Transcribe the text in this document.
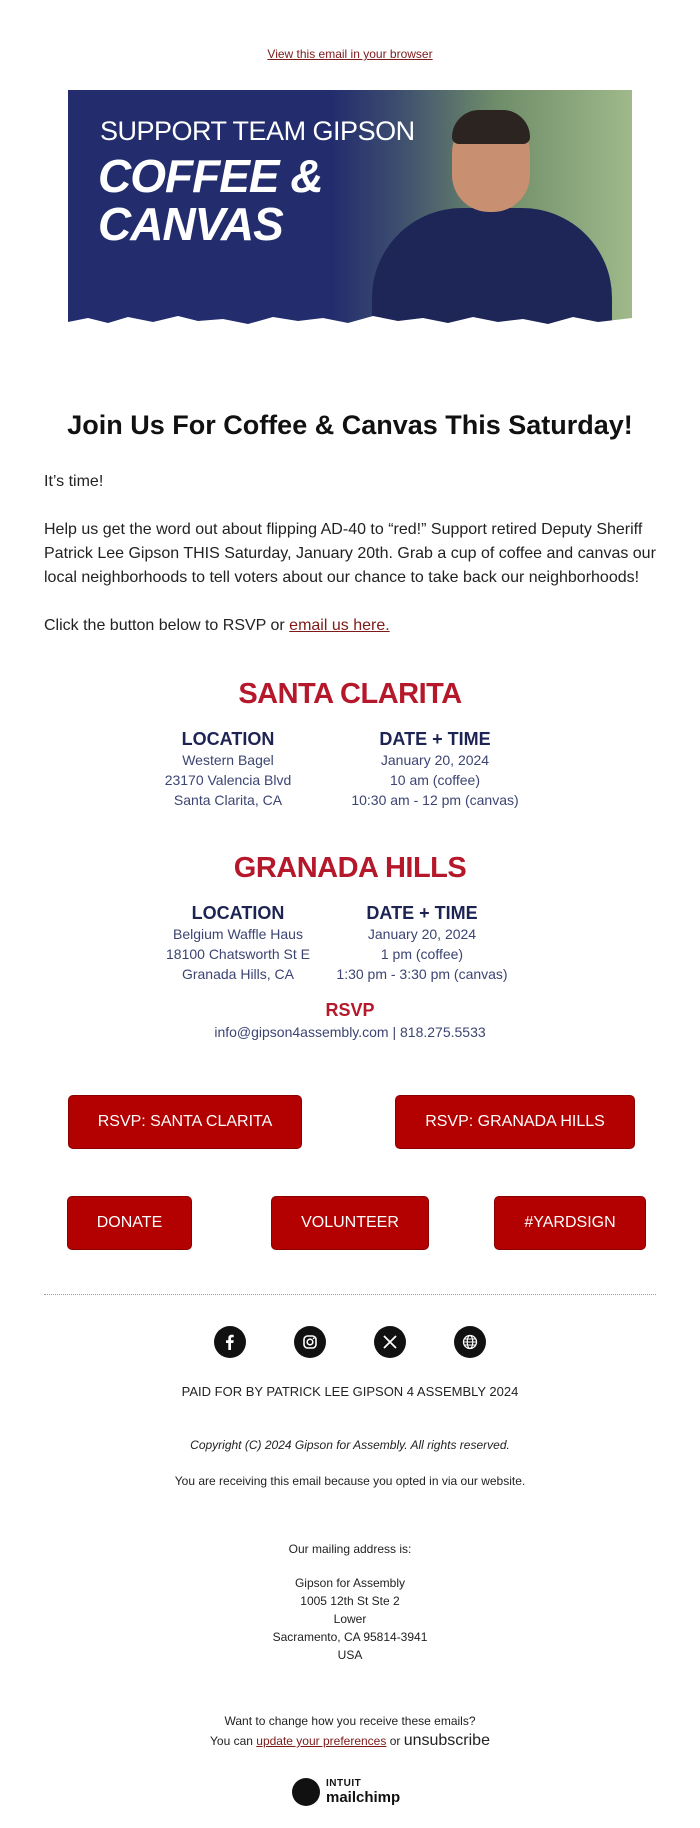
View this email in your browser
SUPPORT TEAM GIPSON
COFFEE &
CANVAS
Join Us For Coffee & Canvas This Saturday!
It’s time!
Help us get the word out about flipping AD-40 to “red!” Support retired Deputy Sheriff Patrick Lee Gipson THIS Saturday, January 20th. Grab a cup of coffee and canvas our local neighborhoods to tell voters about our chance to take back our neighborhoods!
Click the button below to RSVP or email us here.
SANTA CLARITA
LOCATION
Western Bagel
23170 Valencia Blvd
Santa Clarita, CA
DATE + TIME
January 20, 2024
10 am (coffee)
10:30 am - 12 pm (canvas)
GRANADA HILLS
LOCATION
Belgium Waffle Haus
18100 Chatsworth St E
Granada Hills, CA
DATE + TIME
January 20, 2024
1 pm (coffee)
1:30 pm - 3:30 pm (canvas)
RSVP
info@gipson4assembly.com | 818.275.5533
RSVP: SANTA CLARITA	RSVP: GRANADA HILLS
DONATE	VOLUNTEER	#YARDSIGN
PAID FOR BY PATRICK LEE GIPSON 4 ASSEMBLY 2024
Copyright (C) 2024 Gipson for Assembly. All rights reserved.
You are receiving this email because you opted in via our website.
Our mailing address is:
Gipson for Assembly
1005 12th St Ste 2
Lower
Sacramento, CA 95814-3941
USA
Want to change how you receive these emails?
You can update your preferences or unsubscribe
INTUIT
mailchimp
